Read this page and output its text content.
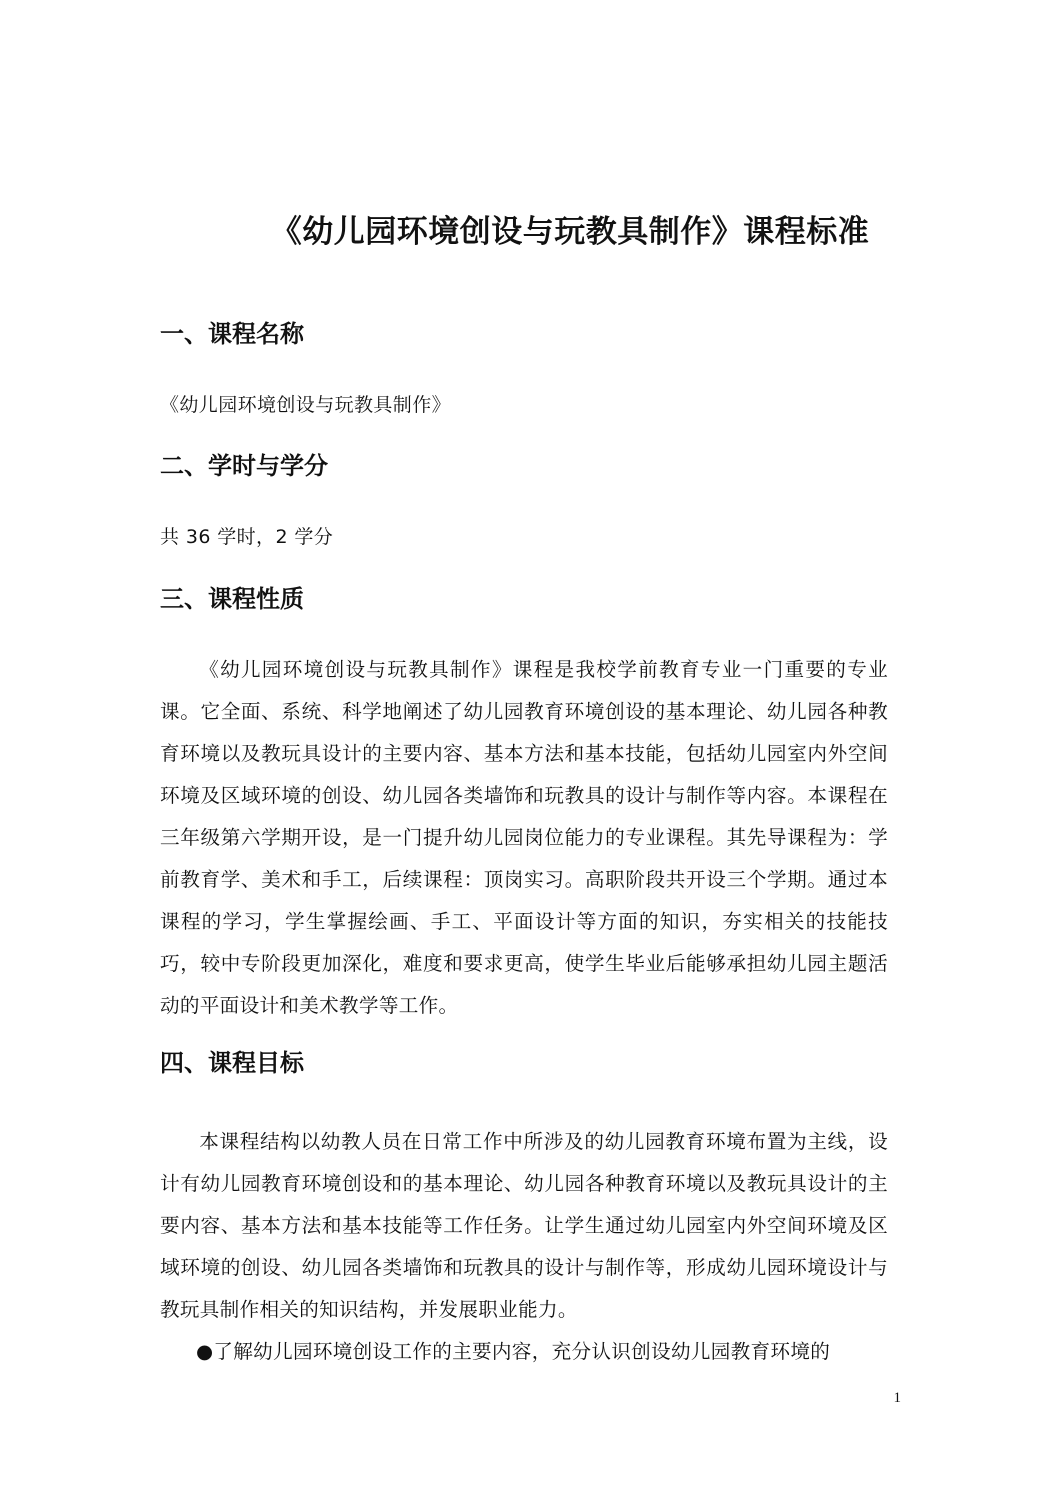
《幼儿园环境创设与玩教具制作》课程标准
一、课程名称
《幼儿园环境创设与玩教具制作》
二、学时与学分
共 36 学时，2 学分
三、课程性质
《幼儿园环境创设与玩教具制作》课程是我校学前教育专业一门重要的专业课。它全面、系统、科学地阐述了幼儿园教育环境创设的基本理论、幼儿园各种教育环境以及教玩具设计的主要内容、基本方法和基本技能，包括幼儿园室内外空间环境及区域环境的创设、幼儿园各类墙饰和玩教具的设计与制作等内容。本课程在三年级第六学期开设，是一门提升幼儿园岗位能力的专业课程。其先导课程为：学前教育学、美术和手工，后续课程：顶岗实习。高职阶段共开设三个学期。通过本课程的学习，学生掌握绘画、手工、平面设计等方面的知识，夯实相关的技能技巧，较中专阶段更加深化，难度和要求更高，使学生毕业后能够承担幼儿园主题活动的平面设计和美术教学等工作。
四、课程目标
本课程结构以幼教人员在日常工作中所涉及的幼儿园教育环境布置为主线，设计有幼儿园教育环境创设和的基本理论、幼儿园各种教育环境以及教玩具设计的主要内容、基本方法和基本技能等工作任务。让学生通过幼儿园室内外空间环境及区域环境的创设、幼儿园各类墙饰和玩教具的设计与制作等，形成幼儿园环境设计与教玩具制作相关的知识结构，并发展职业能力。
●了解幼儿园环境创设工作的主要内容，充分认识创设幼儿园教育环境的
1
